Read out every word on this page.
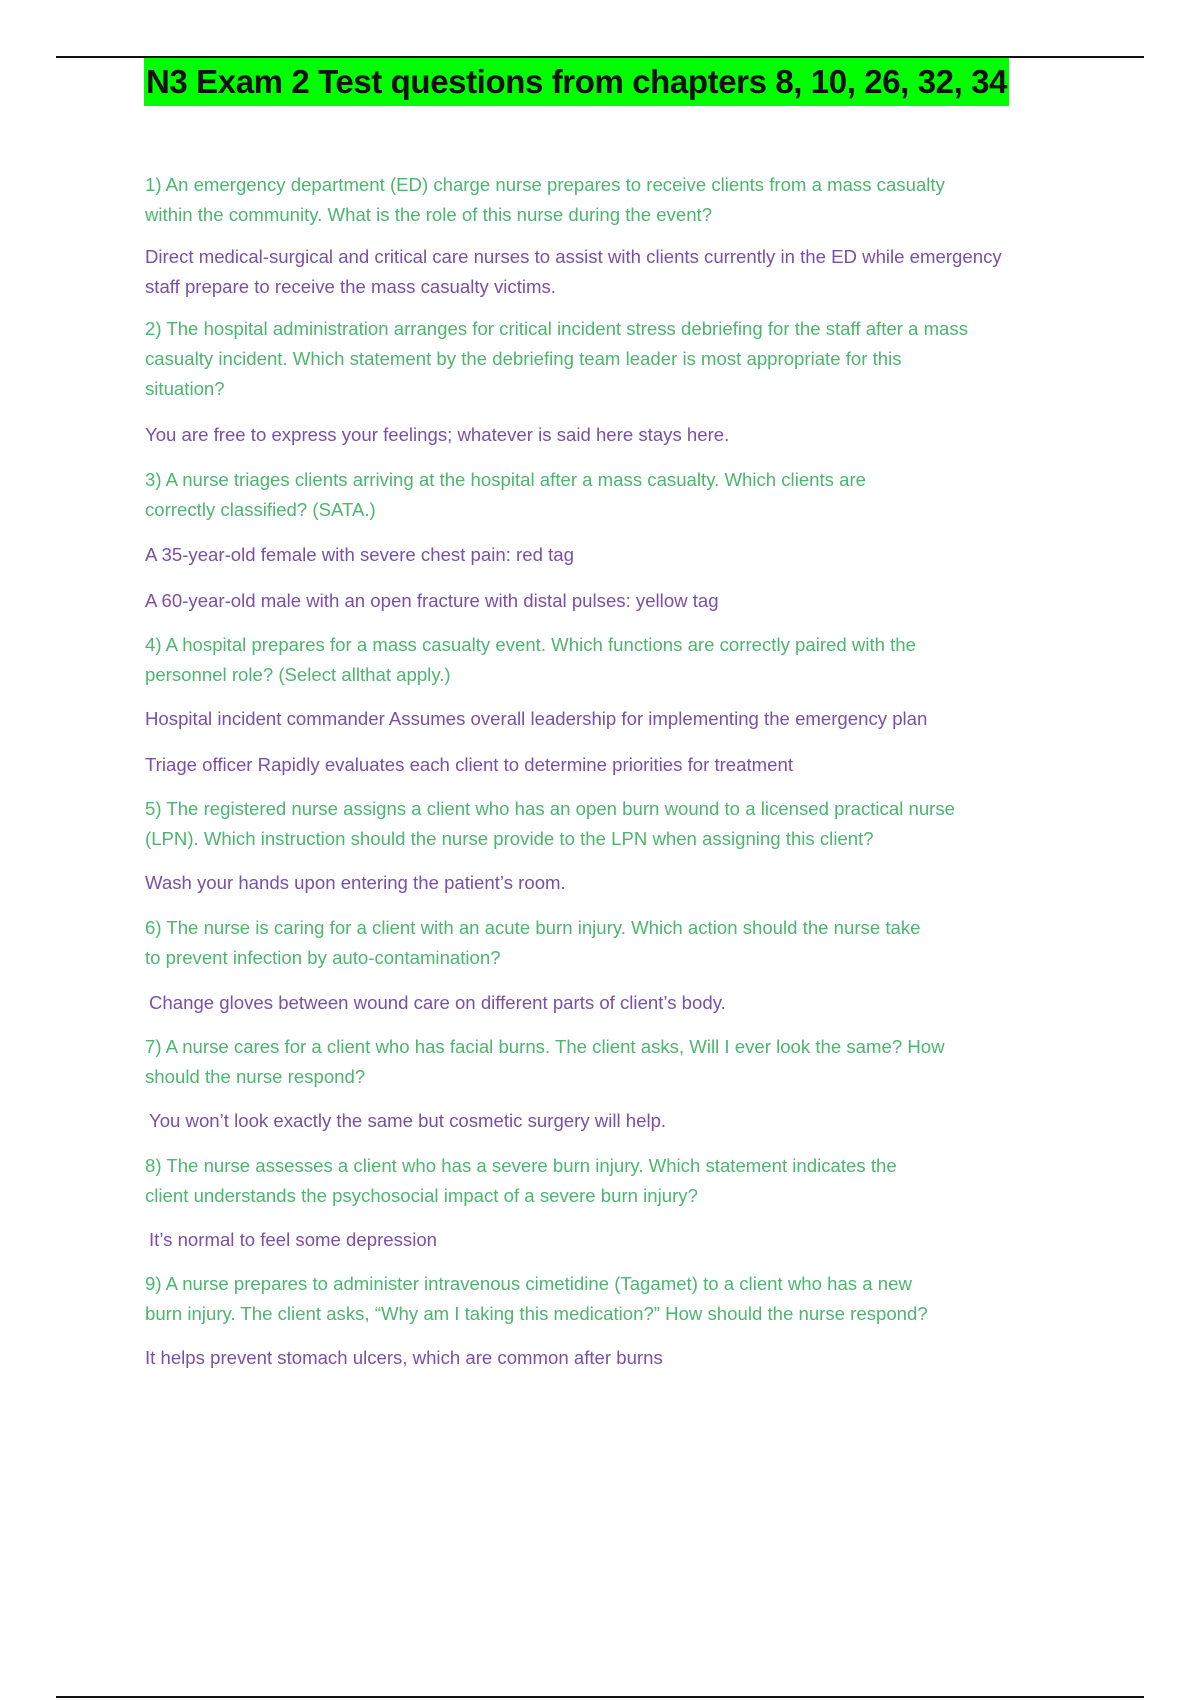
N3 Exam 2 Test questions from chapters 8, 10, 26, 32, 34

1) An emergency department (ED) charge nurse prepares to receive clients from a mass casualty

within the community. What is the role of this nurse during the event?

Direct medical-surgical and critical care nurses to assist with clients currently in the ED while emergency

staff prepare to receive the mass casualty victims.

2) The hospital administration arranges for critical incident stress debriefing for the staff after a mass

casualty incident. Which statement by the debriefing team leader is most appropriate for this

situation?

You are free to express your feelings; whatever is said here stays here.

3) A nurse triages clients arriving at the hospital after a mass casualty. Which clients are

correctly classified? (SATA.)

A 35-year-old female with severe chest pain: red tag

A 60-year-old male with an open fracture with distal pulses: yellow tag

4) A hospital prepares for a mass casualty event. Which functions are correctly paired with the

personnel role? (Select allthat apply.)

Hospital incident commander Assumes overall leadership for implementing the emergency plan

Triage officer Rapidly evaluates each client to determine priorities for treatment

5) The registered nurse assigns a client who has an open burn wound to a licensed practical nurse

(LPN). Which instruction should the nurse provide to the LPN when assigning this client?

Wash your hands upon entering the patient’s room.

6) The nurse is caring for a client with an acute burn injury. Which action should the nurse take

to prevent infection by auto-contamination?

Change gloves between wound care on different parts of client’s body.

7) A nurse cares for a client who has facial burns. The client asks, Will I ever look the same? How

should the nurse respond?

You won’t look exactly the same but cosmetic surgery will help.

8) The nurse assesses a client who has a severe burn injury. Which statement indicates the

client understands the psychosocial impact of a severe burn injury?

It’s normal to feel some depression

9) A nurse prepares to administer intravenous cimetidine (Tagamet) to a client who has a new

burn injury. The client asks, “Why am I taking this medication?” How should the nurse respond?

It helps prevent stomach ulcers, which are common after burns
